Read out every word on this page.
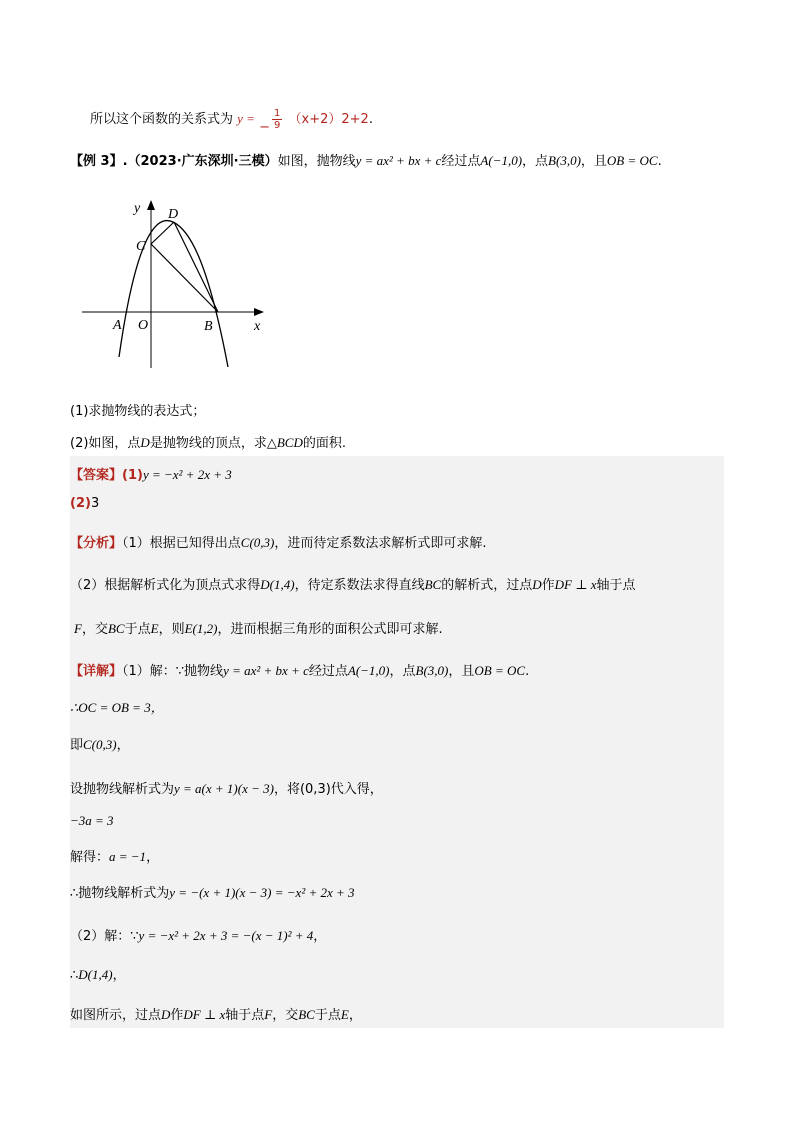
所以这个函数的关系式为 y = − $\frac{1}{9} (x+2)2+2$.
【例 3】.（2023·广东深圳·三模）如图，抛物线y = ax² + bx + c经过点A(−1,0)，点B(3,0)，且OB = OC.
y
x
D
C
A O	B
(1)求抛物线的表达式；
(2)如图，点D是抛物线的顶点，求△BCD的面积.
【答案】(1)y = −x² + 2x + 3
(2)3
【分析】（1）根据已知得出点C(0,3)，进而待定系数法求解析式即可求解.
（2）根据解析式化为顶点式求得D(1,4)，待定系数法求得直线BC的解析式，过点D作DF ⊥ x轴于点
F，交BC于点E，则E(1,2)，进而根据三角形的面积公式即可求解.
【详解】（1）解：∵抛物线y = ax² + bx + c经过点A(−1,0)，点B(3,0)，且OB = OC.
∴OC = OB = 3，
即C(0,3)，
设抛物线解析式为y = a(x + 1)(x − 3)，将(0,3)代入得，
−3a = 3
解得：a = −1，
∴抛物线解析式为y = −(x + 1)(x − 3) = −x² + 2x + 3
（2）解：∵y = −x² + 2x + 3 = −(x − 1)² + 4，
∴D(1,4)，
如图所示，过点D作DF ⊥ x轴于点F，交BC于点E，
